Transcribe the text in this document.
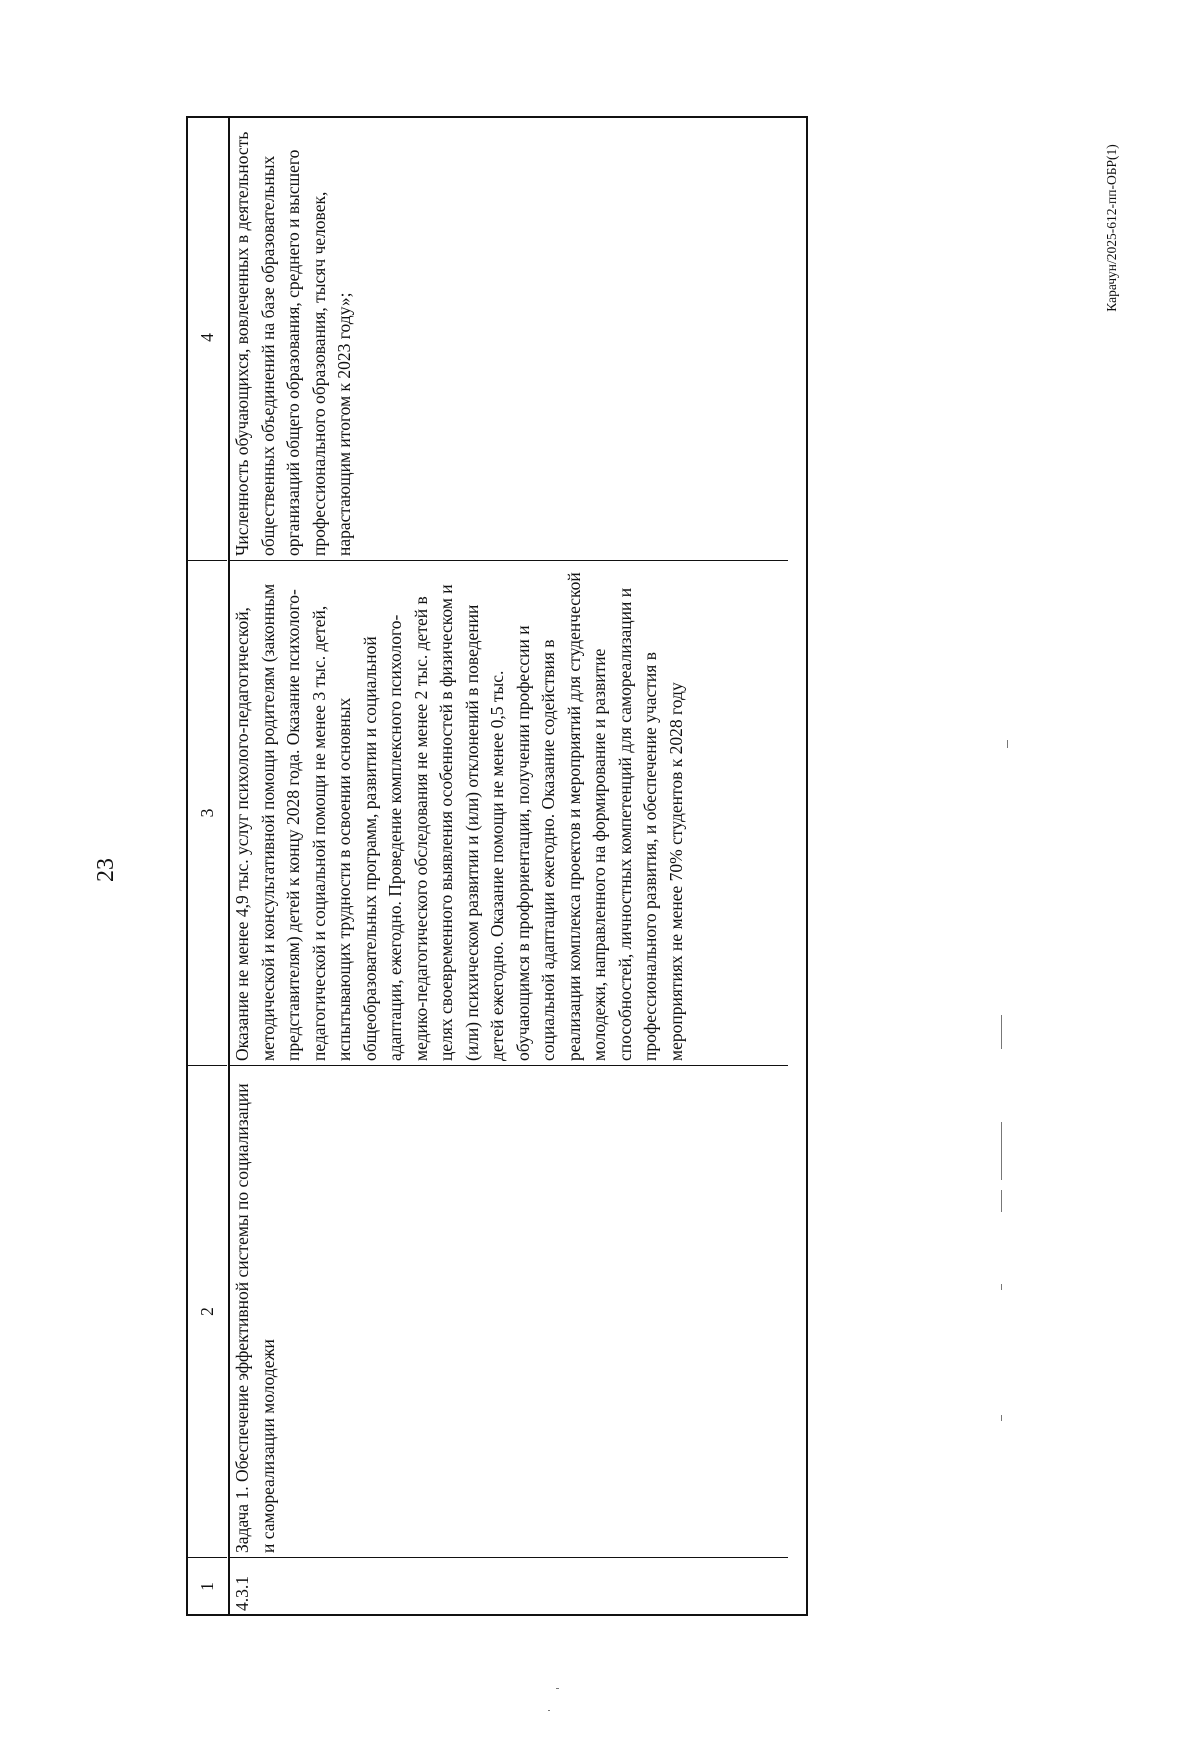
23
1
2
3
4
4.3.1
Задача 1. Обеспечение эффективной системы по социализации и самореализации молодежи
Оказание не менее 4,9 тыс. услуг психолого-педагогической, методической и консультативной помощи родителям (законным представителям) детей к концу 2028 года. Оказание психолого-педагогической и социальной помощи не менее 3 тыс. детей, испытывающих трудности в освоении основных общеобразовательных программ, развитии и социальной адаптации, ежегодно. Проведение комплексного психолого-медико-педагогического обследования не менее 2 тыс. детей в целях своевременного выявления особенностей в физическом и (или) психическом развитии и (или) отклонений в поведении детей ежегодно. Оказание помощи не менее 0,5 тыс. обучающимся в профориентации, получении профессии и социальной адаптации ежегодно. Оказание содействия в реализации комплекса проектов и мероприятий для студенческой молодежи, направленного на формирование и развитие способностей, личностных компетенций для самореализации и профессионального развития, и обеспечение участия в мероприятиях не менее 70% студентов к 2028 году
Численность обучающихся, вовлеченных в деятельность общественных объединений на базе образовательных организаций общего образования, среднего и высшего профессионального образования, тысяч человек, нарастающим итогом к 2023 году»;
Карачун/2025-612-пп-ОБР(1)
